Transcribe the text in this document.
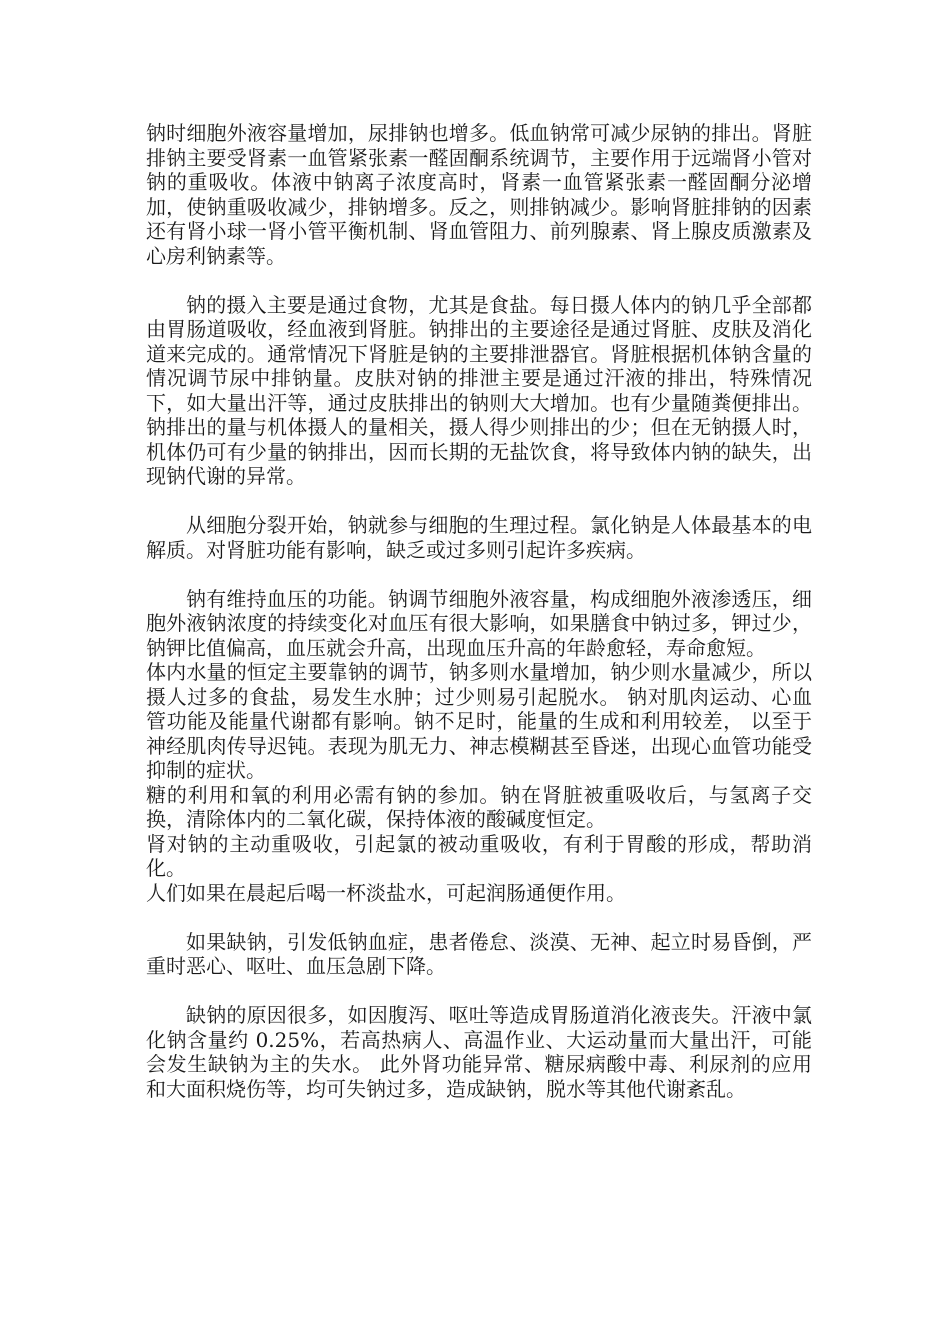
钠时细胞外液容量增加，尿排钠也增多。低血钠常可减少尿钠的排出。肾脏排钠主要受肾素一血管紧张素一醛固酮系统调节，主要作用于远端肾小管对钠的重吸收。体液中钠离子浓度高时，肾素一血管紧张素一醛固酮分泌增加，使钠重吸收减少，排钠增多。反之，则排钠减少。影响肾脏排钠的因素还有肾小球一肾小管平衡机制、肾血管阻力、前列腺素、肾上腺皮质激素及心房利钠素等。

钠的摄入主要是通过食物，尤其是食盐。每日摄人体内的钠几乎全部都由胃肠道吸收，经血液到肾脏。钠排出的主要途径是通过肾脏、皮肤及消化道来完成的。通常情况下肾脏是钠的主要排泄器官。肾脏根据机体钠含量的情况调节尿中排钠量。皮肤对钠的排泄主要是通过汗液的排出，特殊情况下，如大量出汗等，通过皮肤排出的钠则大大增加。也有少量随粪便排出。钠排出的量与机体摄人的量相关，摄人得少则排出的少；但在无钠摄人时，机体仍可有少量的钠排出，因而长期的无盐饮食，将导致体内钠的缺失，出现钠代谢的异常。

从细胞分裂开始，钠就参与细胞的生理过程。氯化钠是人体最基本的电解质。对肾脏功能有影响，缺乏或过多则引起许多疾病。

钠有维持血压的功能。钠调节细胞外液容量，构成细胞外液渗透压，细胞外液钠浓度的持续变化对血压有很大影响，如果膳食中钠过多，钾过少，钠钾比值偏高，血压就会升高，出现血压升高的年龄愈轻，寿命愈短。

体内水量的恒定主要靠钠的调节，钠多则水量增加，钠少则水量减少，所以摄人过多的食盐，易发生水肿；过少则易引起脱水。 钠对肌肉运动、心血管功能及能量代谢都有影响。钠不足时，能量的生成和利用较差， 以至于神经肌肉传导迟钝。表现为肌无力、神志模糊甚至昏迷，出现心血管功能受抑制的症状。

糖的利用和氧的利用必需有钠的参加。钠在肾脏被重吸收后，与氢离子交换，清除体内的二氧化碳，保持体液的酸碱度恒定。

肾对钠的主动重吸收，引起氯的被动重吸收，有利于胃酸的形成，帮助消化。

人们如果在晨起后喝一杯淡盐水，可起润肠通便作用。

如果缺钠，引发低钠血症，患者倦怠、淡漠、无神、起立时易昏倒，严重时恶心、呕吐、血压急剧下降。

缺钠的原因很多，如因腹泻、呕吐等造成胃肠道消化液丧失。汗液中氯化钠含量约 0.25%，若高热病人、高温作业、大运动量而大量出汗，可能会发生缺钠为主的失水。 此外肾功能异常、糖尿病酸中毒、利尿剂的应用和大面积烧伤等，均可失钠过多，造成缺钠，脱水等其他代谢紊乱。
